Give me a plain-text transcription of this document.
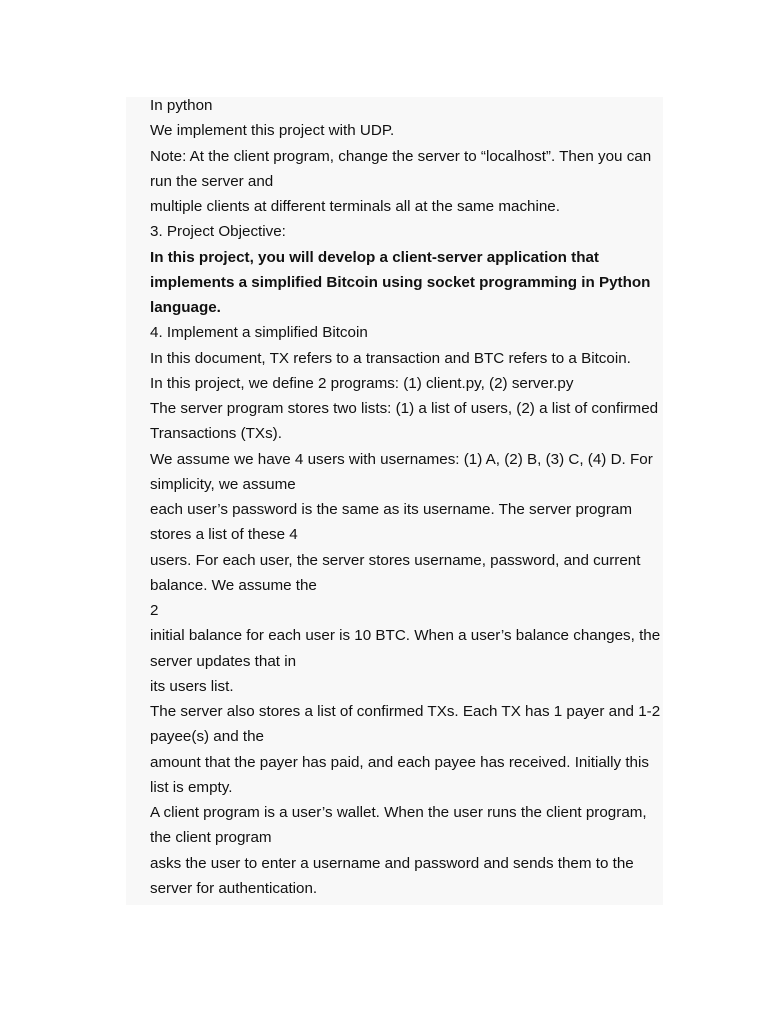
In python

We implement this project with UDP.

Note: At the client program, change the server to “localhost”. Then you can run the server and

multiple clients at different terminals all at the same machine.

3. Project Objective:

In this project, you will develop a client-server application that implements a simplified Bitcoin using socket programming in Python language.

4. Implement a simplified Bitcoin

In this document, TX refers to a transaction and BTC refers to a Bitcoin.

In this project, we define 2 programs: (1) client.py, (2) server.py

The server program stores two lists: (1) a list of users, (2) a list of confirmed Transactions (TXs).

We assume we have 4 users with usernames: (1) A, (2) B, (3) C, (4) D. For simplicity, we assume

each user’s password is the same as its username. The server program stores a list of these 4

users. For each user, the server stores username, password, and current balance. We assume the

2

initial balance for each user is 10 BTC. When a user’s balance changes, the server updates that in

its users list.

The server also stores a list of confirmed TXs. Each TX has 1 payer and 1-2 payee(s) and the

amount that the payer has paid, and each payee has received. Initially this list is empty.

A client program is a user’s wallet. When the user runs the client program, the client program

asks the user to enter a username and password and sends them to the server for authentication.
